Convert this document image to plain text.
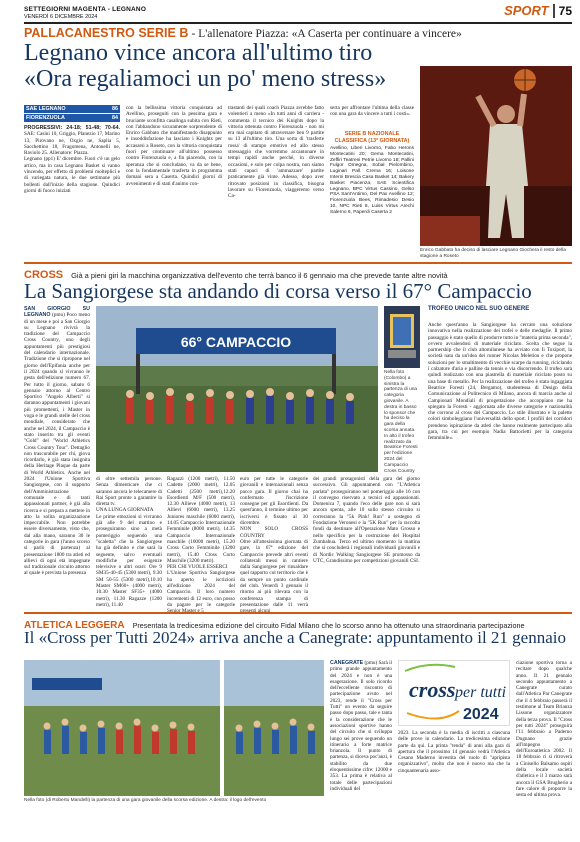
SETTEGIORNI MAGENTA - LEGNANO
VENERDÌ 6 DICEMBRE 2024	SPORT 75
PALLACANESTRO SERIE B - L'allenatore Piazza: «A Caserta per continuare a vincere»
Legnano vince ancora all'ultimo tiro
«Ora regaliamoci un po' meno stress»
SAE LEGNANO	86
FIORENZUOLA	84
PROGRESSIVI: 24-18; 51-48; 70-64. SAE: Casini 10, Griggio, Planezio 17, Marino 13, Pirovano ne, Oxgio ne, Saplia 5, Sacchettino 18, Fragomena, Antonelli ne, Raviolo 25. Allenatore: Piazza.
Legnano (pp1) E' dicembre. Fuori c'è un gelo artico, ma in casa Legnano Basket si vanno vincendo, per effetto di problemi molteplici e di variegata natura, le due settimane più bollenti dall'inizio della stagione. Quindici giorni di fuoco iniziati
con la bellissima vittoria conquistata ad Avellino, proseguiti con la pessima gara e bruciante sconfitta casalinga subita con Rieti, con l'abbandono sicuramente sorprendente di Enrico Gabbato che manifestando disappunto e insoddisfazione ha lasciato i Knights per accasarsi a Roseto, con la vittoria conquistata fuori per continuare all'ultimo possesso contro Fiorenzuola e, a fin piacendo, con la speranza che si concludano, va da se bene, con la fondamentale trasferta in programma domani sera a Caserta. Quindici giorni di avvenimenti e di stati d'animo con-
trastanti dei quali coach Piazza avrebbe fatto volentieri a meno «In tutti anni di carriera - commenta il tecnico dei Knights dopo la vittoria ottenuta contro Fiorenzuola - non mi era mai capitato di attraversare ben 9 partite su 13 all'ultimo tiro. Una sorta di 'trasferte rossa' di stampo emotivo ed allo stesso stressaggio che vorremmo accantonare in tempi rapidi anche perché, in diverse occasioni, e solo per colpa nostra, non siamo stati capaci di 'ammazzare' partite praticamente già vinte. Adesso, dopo aver ritrovato posizioni in classifica, bisogna lavorare su Fiorenzuola, viaggeremo verso Ca-
serta per affrontare l'ultima della classe con una gara da vincere a tutti i costi».
SERIE B NAZIONALE CLASSIFICA (13ª GIORNATA)
Avellino, Liberi Livorno, Fabo Herons Montecatini 20; Gema Montecatini, Zeffiri Teatreni Petrie Livorno 18; Pallini Fulgor Omegna, Sobal Pielombino, Luginari Pall. Crema 16; Loisone Interni Brescia Casa Basket 14; Bakery Basket Piacenza, SAE Scientifica Legnano, BPC Virtus Cassino, Gelso PSA Sant'Antimo, Del Pax Avellino 12; Fiorenzuola Bees, Rimadesio Desio 10, NPC Rieti 8, Luiss Virtus Arechi Salerno 6, Paperdi Caserta 2
Enrico Gabbato ha deciso di lasciare Legnano Giochera il resto della stagione a Roseto
CROSS Già a pieni giri la macchina organizzativa dell'evento che terrà banco il 6 gennaio ma che prevede tante altre novità
La Sangiorgese sta andando di corsa verso il 67° Campaccio
SAN GIORGIO SU LEGNANO (pmu) Poco meno di un mese e poi a San Giorgio su Legnano rivivrà la tradizione del Campaccio Cross Country, uno degli appuntamenti più prestigiosi del calendario internazionale. Tradizione che si ripropone nel giorno dell'Epifania anche per il 2024 quando si vivranno le gesta dell'edizione numero 67. Per tutto il giorno, sabato 6 gennaio attorno al Centro Sportivo "Angelo Alberti" si daranno appuntamenti i giovani più promettenti, i Master in voga e le grandi stelle del cross mondiale, considerato che anche nel 2024, il Campaccio è stato inserito tra gli eventi "Gold" del "World Athletics Cross Country Tour". Dettaglio non trascurabile per chi, giova ricordarlo, è già stata insignita della Heritage Plaque da parte di World Athletics. Anche nel 2024 l'Unione Sportiva Sangiorgese, con il supporto dell'Amministrazione comunale e di tanti appassionati partner, è già alla ricerca e si prepara a mettere in atto la solita organizzazione impeccabile. Non potrebbe essere diversamente, visto che, dal alla mano, saranno 30 le categorie in gara (l'anno scorso si parlò di partenza) al presentazione 1800 tra atleti ed allievi di ogni età impegnate sul tradizionale circuito attorno al quale è prevista la presenza
66° CAMPACCIO
Nella foto (Colombo) a sinistra la partenza di una categoria giovanile. A destra in basso lo sponsor che ha deciso la gara della scorsa annata. In alto il trofeo realizzato da Beatrice Foresti per l'edizione 2024 del Campaccio Cross Country
di oltre settemila persone. Senza dimenticare che ci saranno ancora le telecamere di Rai Sport pronte a garantire la diretta tv.
UNA LUNGA GIORNATA
Le prime emozioni si vivranno già alle 9 del mattino e proseguiranno sino a metà pomeriggio seguendo una "scaletta" che la Sangiorgese ha già definito e che sarà la seguente, salvo eventuali modifiche per esigenze televisive o altri orari: Ore 9 SM35-40-45 (5300 metri), 9.30 SM 50-55 (5300 metri),10.10 Master SM60+ (4000 metri), 10.30 Master SF35+ (4000 metri), 11.30 Ragazze (1200 metri), 11.40
Ragazzi (1200 metri), 11.50 Cadette (2000 metri), 12.05 Cadetti (2500 metri),12.20 Esordienti M/F (500 metri), 12.30 Allieve (4000 metri), 13 Allievi (6000 metri), 13.25 Juniores maschile (6000 metri), 14.05 Campaccio Internazionale Femminile (8000 metri), 14.35 Campaccio Internazionale maschile (10000 metri), 15.20 Cross Corto Femminile (3200 metri), 15.40 Cross Corto Maschile (3200 metri).
PER CHI VUOLE ESSERCI
L'Unione Sportiva Sangiorgese ha aperto le iscrizioni all'edizione 2024 del Campaccio. Il loro numero incrementi di 12 euro, con posso da pagare per le categorie
euro per tutte le categorie giovanili e internazionali senza pacco gara. Il giorno chai ha confermato l'iscrizione consegne per gli Esordienti. Da quest'anno, il termine ultimo per iscriversi è fissato al 30 dicembre.
NON SOLO CROSS COUNTRY
Oltre all'attesissima giornata di gare, la 67ª edizione del Campaccio prevede altri eventi collaterali messi in cantiere dalla Sangiorgese per rinsaldare quel rapporto col territorio che è da sempre un punto cardinale del club. Venerdì 3 gennaio il ritorno ai più rilevata con la conferenza stampa di presentazione dalle 11 verrà
dei grandi protagonisti della gara del giorno successivo. Gli appuntamenti con "L'Atletica parlata" proseguiranno nel pomeriggio alle 16 con il convegno riservato a tecnici ed appassionati. Domenica 7, quando l'eco delle gare non si sarà ancora spenta, alle 10 sullo stesso circuito si correranno la "5k Pink! Run" a sostegno di Fondazione Veronesi e la "5K Run" per la raccolta fondi da destinare all'Operazione Mato Grosso e nello specifico per la costruzione del Hospital Zumbahua. Terzo ed ultimo momento la mattina che si concluderà i regionali individuali giovanili e di Nordic Walking Sangiorgese SE promosso da UTC, Grandissimo per competizioni giovanili CSI.
TROFEO UNICO NEL SUO GENERE
Anche quest'anno la Sangiorgese ha cercato una soluzione innovativa nella realizzazione dei trofei e delle medaglie. Il primo passaggio è stato quello di produrre tutto in "materia prima seconda", ovvero avvalendosi di materiale riciclato. Scelta che segue la partnership che il club altomilanese ha avviato con Ii Toxiport, la società nata da un'idea dei runner Nicolas Meletiou e che propone soluzioni per lo smaltimento di vecchie scarpe da running, riciclando i calzature d'aria e palline da tennis e via discorrendo. Il trofeo sarà quindi realizzato con una piastrella di materiale riciclato posto su una base di metallo. Per la realizzazione del trofeo è stata ingaggiata Beatrice Foresti (24, Bergamo), studentessa di Design della Comunicazione al Politecnico di Milano, ancora di marcia anche al Campionati Mondiali di progettazione che accoppiano me ha spiegato la Foresti - aggiornata alle diverse categorie e nazionalità che corrono al cross del Campaccio. Lo stile illustrato e la palette colori simboleggiano l'universalità dello sport. I profili dei corridori prendono ispirazione da atleti che hanno realmente partecipato alla gara, tra cui per esempio Nadia Battocletti per la categoria femminile».
ATLETICA LEGGERA Presentata la tredicesima edizione del circuito Fidal Milano che lo scorso anno ha ottenuto una straordinaria partecipazione
Il «Cross per Tutti 2024» arriva anche a Canegrate: appuntamento il 21 gennaio
Nella foto (di Roberto Mandelli) la partenza di una gara giovanile della scorsa edizione. A destra: il logo dell'evento
CANEGRATE (pmu) Sarà il primo grande appuntamento del 2024 e non è una esagerazione. Il solo ricordo dell'eccellente riscontro di partecipazione avuto nel 2023, rende il "Cross per Tutti" un evento da seguire passo dopo passo, tale e tanta è la considerazione che le associazioni sportive hanno del circuito che si sviluppa lungo sei prove seguendo un itinerario a forte matrice brianzola. Il punto di partenza, si diceva poc'anzi, è stabilito da due eloquentissime cifre: 12000 e 353. La prima è relativa al totale delle partecipazioni individuali del
cross per tutti
2024
2023. La seconda è la media di iscritti a ciascuna delle prove in calendario. La tredicesima edizione parte da qui. La prima "tenda" di anni alla gara di apertura che il prossimo 14 gennaio vedrà l'Atletica Cesano Maderno investita del ruolo di "apripista organizzativo", molto che non è nuovo ma che la cinquantenaria asso-
ciazione sportiva torna a recitare dopo qualche anno. Il 21 gennaio secondo appuntamento a Canegrate curato dall'Atletica Par Canegrate che il 4 febbraio passerà il testimone al Team Brianza Lissone organizzatore della terza prova. Il "Cross per tutti 2024" proseguirà l'11 febbraio a Paderno Dugnano grazie all'impegno dell'Euroatletica 2002. Il 18 febbraio ci si ritroverà a Cinisello Balsamo ospiti della locale società d'atletica e il 3 marzo sarà ancora il GSA Brugherio a fare calore di proporre la sesta ed ultima prova.
